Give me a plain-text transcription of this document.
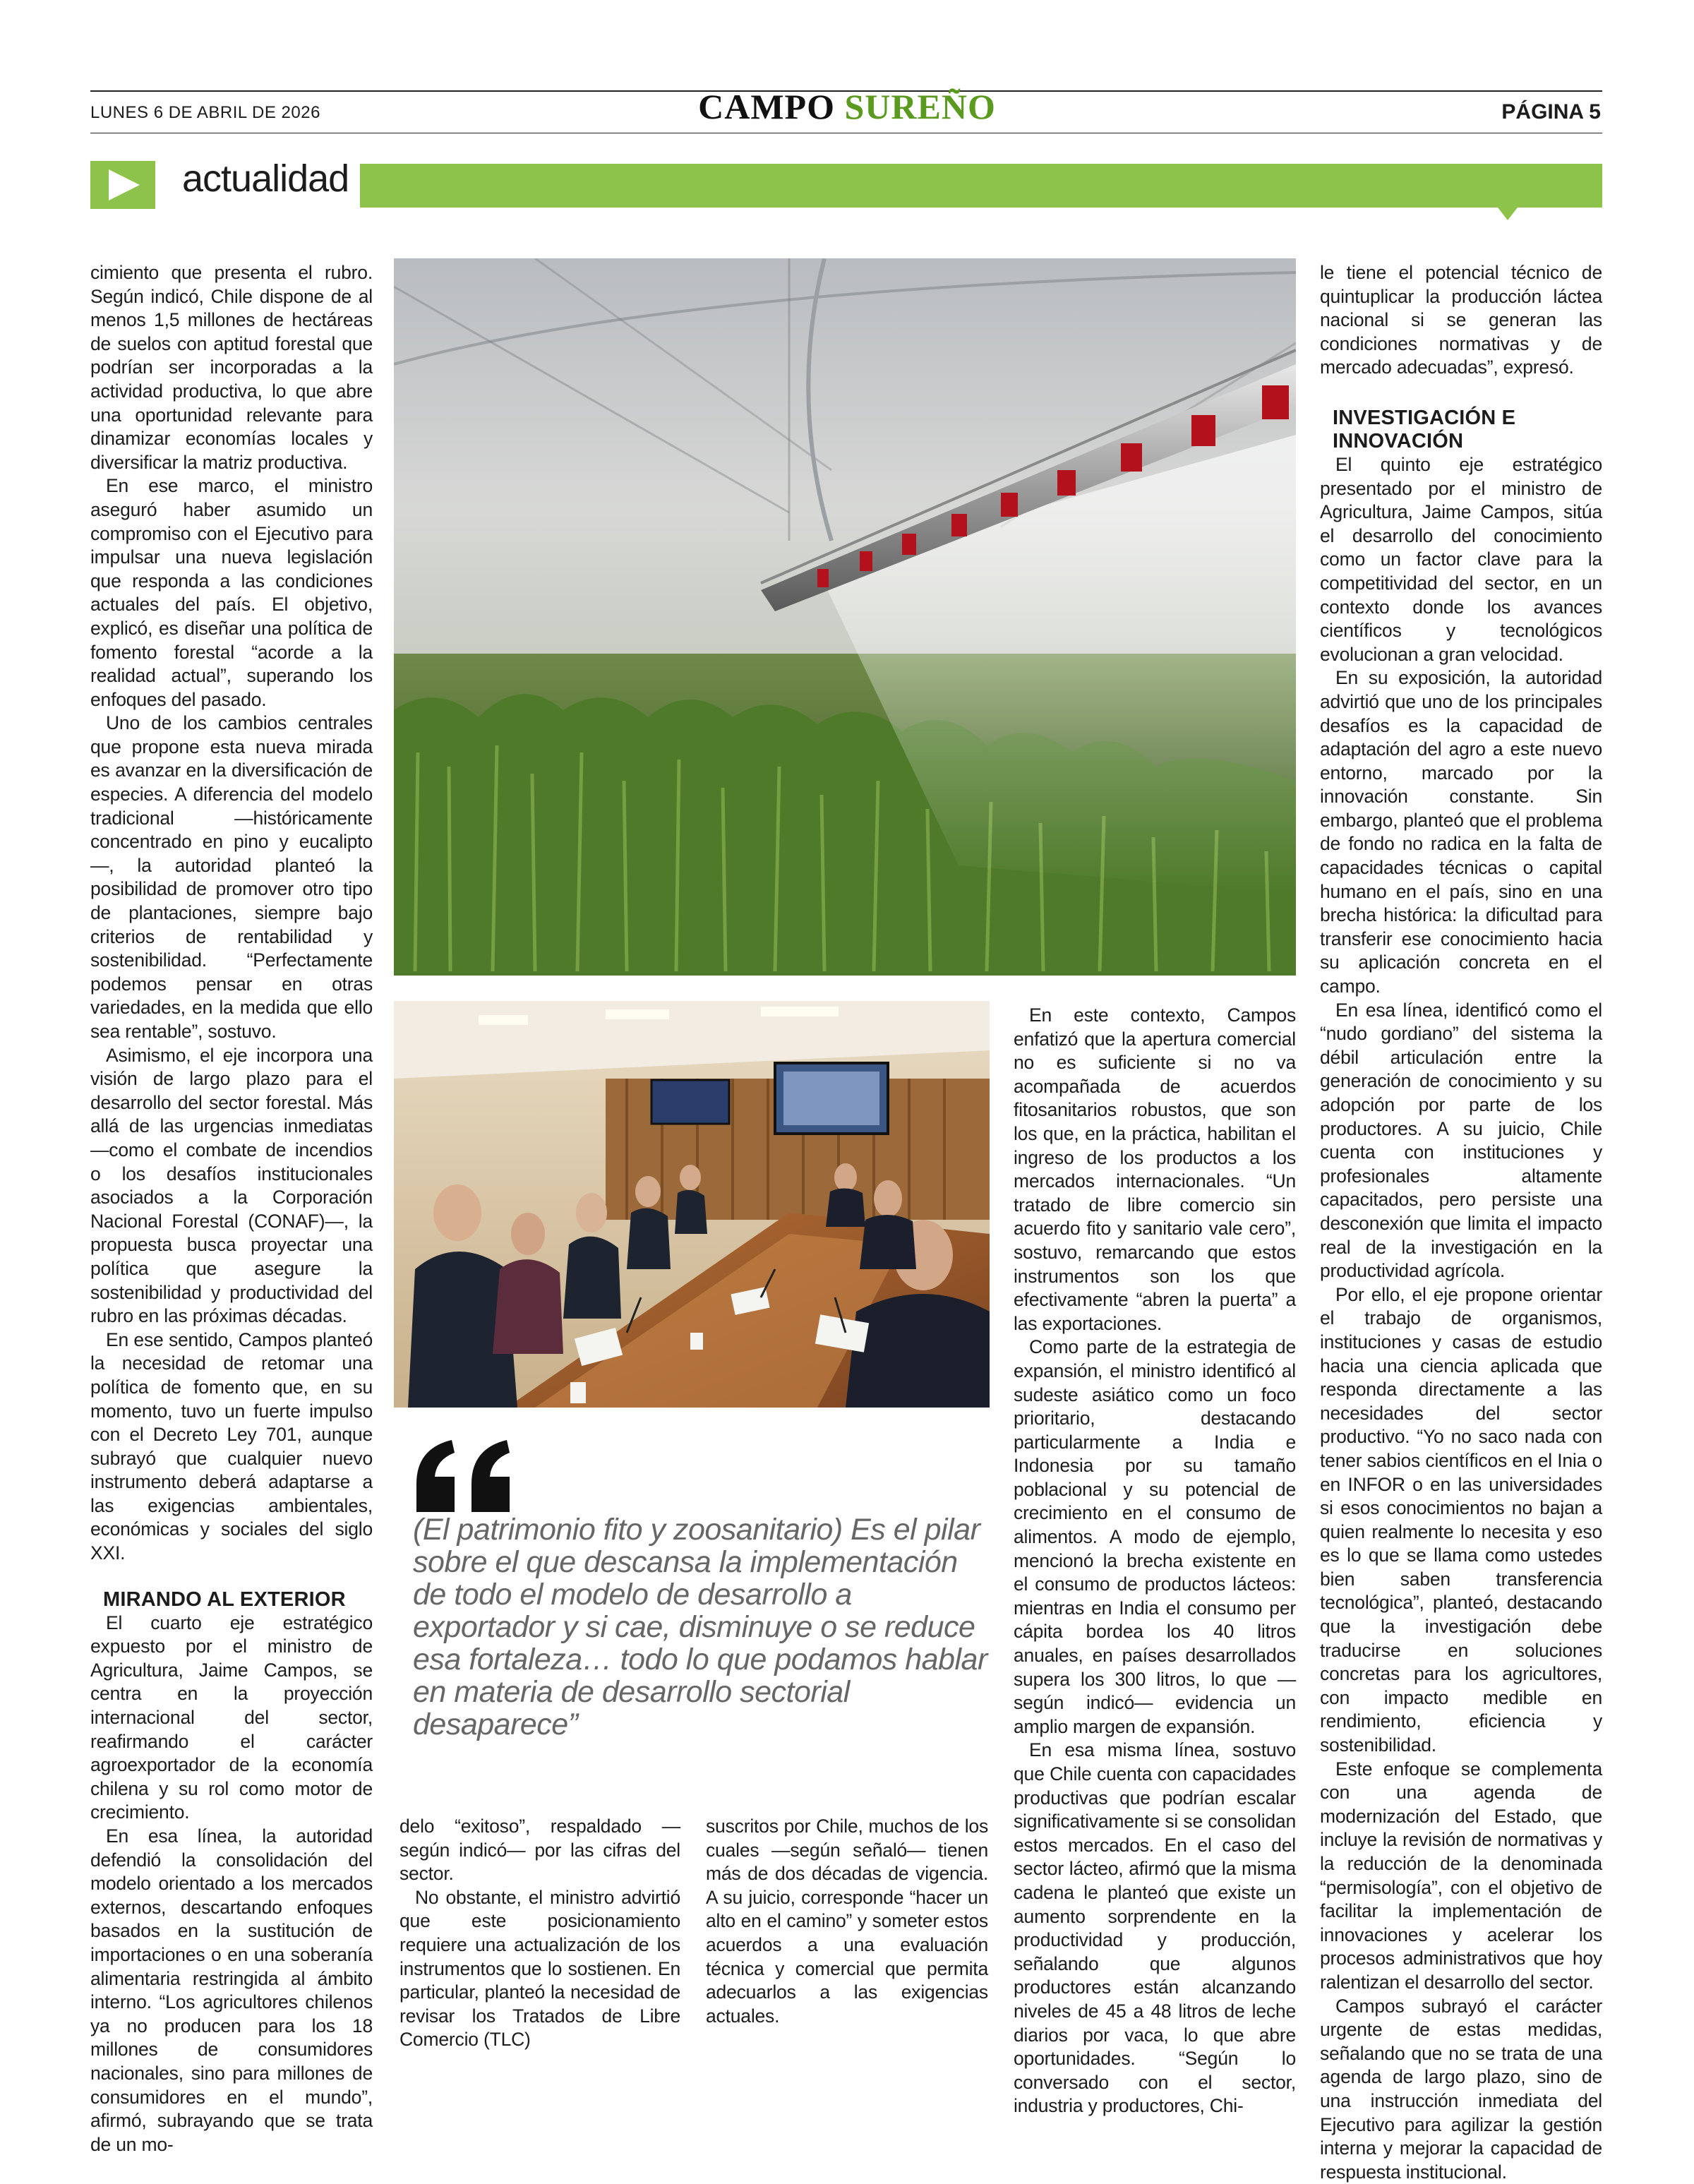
LUNES 6 DE ABRIL DE 2026	CAMPO SUREÑO	PÁGINA 5
actualidad

cimiento que presenta el rubro. Según indicó, Chile dispone de al menos 1,5 millones de hectáreas de suelos con aptitud forestal que podrían ser incorporadas a la actividad productiva, lo que abre una oportunidad relevante para dinamizar economías locales y diversificar la matriz productiva.

En ese marco, el ministro aseguró haber asumido un compromiso con el Ejecutivo para impulsar una nueva legislación que responda a las condiciones actuales del país. El objetivo, explicó, es diseñar una política de fomento forestal “acorde a la realidad actual”, superando los enfoques del pasado.

Uno de los cambios centrales que propone esta nueva mirada es avanzar en la diversificación de especies. A diferencia del modelo tradicional —históricamente concentrado en pino y eucalipto—, la autoridad planteó la posibilidad de promover otro tipo de plantaciones, siempre bajo criterios de rentabilidad y sostenibilidad. “Perfectamente podemos pensar en otras variedades, en la medida que ello sea rentable”, sostuvo.

Asimismo, el eje incorpora una visión de largo plazo para el desarrollo del sector forestal. Más allá de las urgencias inmediatas —como el combate de incendios o los desafíos institucionales asociados a la Corporación Nacional Forestal (CONAF)—, la propuesta busca proyectar una política que asegure la sostenibilidad y productividad del rubro en las próximas décadas.

En ese sentido, Campos planteó la necesidad de retomar una política de fomento que, en su momento, tuvo un fuerte impulso con el Decreto Ley 701, aunque subrayó que cualquier nuevo instrumento deberá adaptarse a las exigencias ambientales, económicas y sociales del siglo XXI.

MIRANDO AL EXTERIOR

El cuarto eje estratégico expuesto por el ministro de Agricultura, Jaime Campos, se centra en la proyección internacional del sector, reafirmando el carácter agroexportador de la economía chilena y su rol como motor de crecimiento.

En esa línea, la autoridad defendió la consolidación del modelo orientado a los mercados externos, descartando enfoques basados en la sustitución de importaciones o en una soberanía alimentaria restringida al ámbito interno. “Los agricultores chilenos ya no producen para los 18 millones de consumidores nacionales, sino para millones de consumidores en el mundo”, afirmó, subrayando que se trata de un mo-

(El patrimonio fito y zoosanitario) Es el pilar sobre el que descansa la implementación de todo el modelo de desarrollo a exportador y si cae, disminuye o se reduce esa fortaleza… todo lo que podamos hablar en materia de desarrollo sectorial desaparece”

delo “exitoso”, respaldado —según indicó— por las cifras del sector.

No obstante, el ministro advirtió que este posicionamiento requiere una actualización de los instrumentos que lo sostienen. En particular, planteó la necesidad de revisar los Tratados de Libre Comercio (TLC)

suscritos por Chile, muchos de los cuales —según señaló— tienen más de dos décadas de vigencia. A su juicio, corresponde “hacer un alto en el camino” y someter estos acuerdos a una evaluación técnica y comercial que permita adecuarlos a las exigencias actuales.

En este contexto, Campos enfatizó que la apertura comercial no es suficiente si no va acompañada de acuerdos fitosanitarios robustos, que son los que, en la práctica, habilitan el ingreso de los productos a los mercados internacionales. “Un tratado de libre comercio sin acuerdo fito y sanitario vale cero”, sostuvo, remarcando que estos instrumentos son los que efectivamente “abren la puerta” a las exportaciones.

Como parte de la estrategia de expansión, el ministro identificó al sudeste asiático como un foco prioritario, destacando particularmente a India e Indonesia por su tamaño poblacional y su potencial de crecimiento en el consumo de alimentos. A modo de ejemplo, mencionó la brecha existente en el consumo de productos lácteos: mientras en India el consumo per cápita bordea los 40 litros anuales, en países desarrollados supera los 300 litros, lo que —según indicó— evidencia un amplio margen de expansión.

En esa misma línea, sostuvo que Chile cuenta con capacidades productivas que podrían escalar significativamente si se consolidan estos mercados. En el caso del sector lácteo, afirmó que la misma cadena le planteó que existe un aumento sorprendente en la productividad y producción, señalando que algunos productores están alcanzando niveles de 45 a 48 litros de leche diarios por vaca, lo que abre oportunidades. “Según lo conversado con el sector, industria y productores, Chi-

le tiene el potencial técnico de quintuplicar la producción láctea nacional si se generan las condiciones normativas y de mercado adecuadas”, expresó.

INVESTIGACIÓN E INNOVACIÓN

El quinto eje estratégico presentado por el ministro de Agricultura, Jaime Campos, sitúa el desarrollo del conocimiento como un factor clave para la competitividad del sector, en un contexto donde los avances científicos y tecnológicos evolucionan a gran velocidad.

En su exposición, la autoridad advirtió que uno de los principales desafíos es la capacidad de adaptación del agro a este nuevo entorno, marcado por la innovación constante. Sin embargo, planteó que el problema de fondo no radica en la falta de capacidades técnicas o capital humano en el país, sino en una brecha histórica: la dificultad para transferir ese conocimiento hacia su aplicación concreta en el campo.

En esa línea, identificó como el “nudo gordiano” del sistema la débil articulación entre la generación de conocimiento y su adopción por parte de los productores. A su juicio, Chile cuenta con instituciones y profesionales altamente capacitados, pero persiste una desconexión que limita el impacto real de la investigación en la productividad agrícola.

Por ello, el eje propone orientar el trabajo de organismos, instituciones y casas de estudio hacia una ciencia aplicada que responda directamente a las necesidades del sector productivo. “Yo no saco nada con tener sabios científicos en el Inia o en INFOR o en las universidades si esos conocimientos no bajan a quien realmente lo necesita y eso es lo que se llama como ustedes bien saben transferencia tecnológica”, planteó, destacando que la investigación debe traducirse en soluciones concretas para los agricultores, con impacto medible en rendimiento, eficiencia y sostenibilidad.

Este enfoque se complementa con una agenda de modernización del Estado, que incluye la revisión de normativas y la reducción de la denominada “permisología”, con el objetivo de facilitar la implementación de innovaciones y acelerar los procesos administrativos que hoy ralentizan el desarrollo del sector.

Campos subrayó el carácter urgente de estas medidas, señalando que no se trata de una agenda de largo plazo, sino de una instrucción inmediata del Ejecutivo para agilizar la gestión interna y mejorar la capacidad de respuesta institucional.
